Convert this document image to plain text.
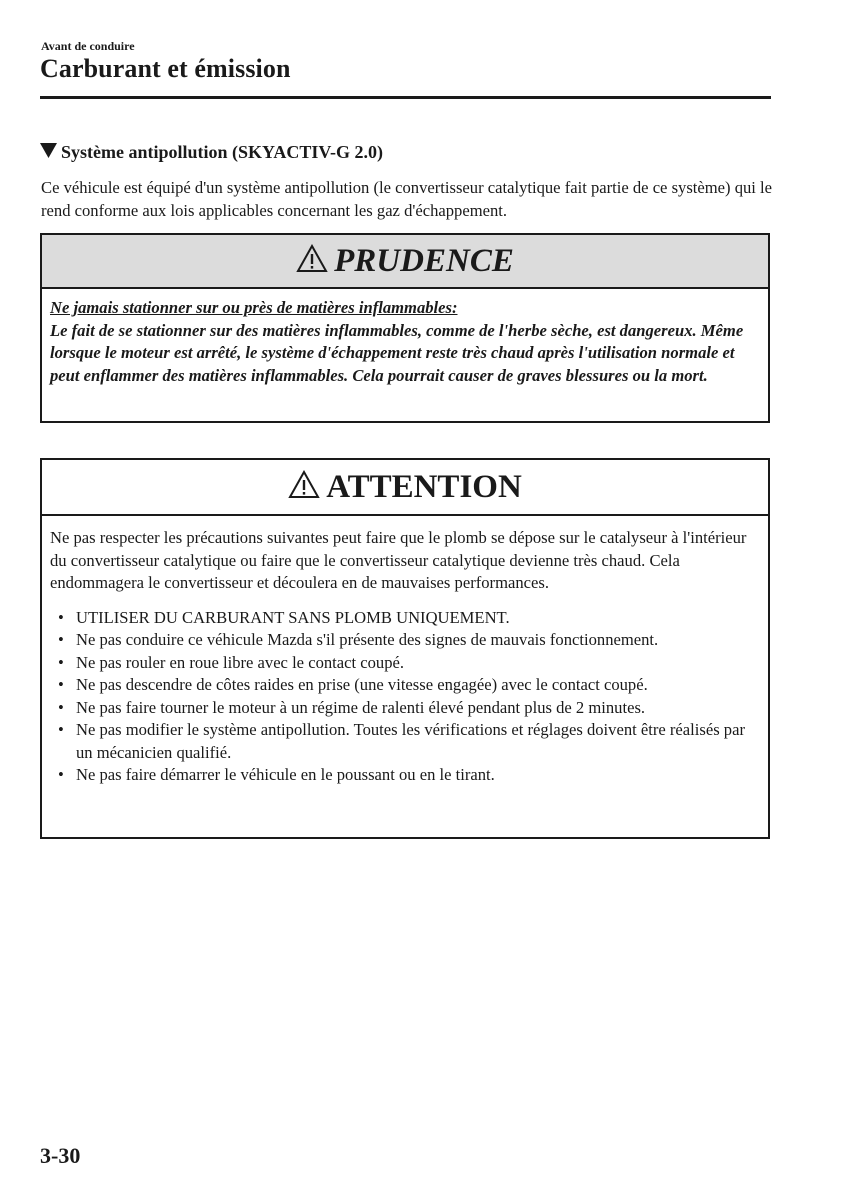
Avant de conduire
Carburant et émission
Système antipollution (SKYACTIV-G 2.0)
Ce véhicule est équipé d'un système antipollution (le convertisseur catalytique fait partie de ce système) qui le rend conforme aux lois applicables concernant les gaz d'échappement.
PRUDENCE
Ne jamais stationner sur ou près de matières inflammables:
Le fait de se stationner sur des matières inflammables, comme de l'herbe sèche, est dangereux. Même lorsque le moteur est arrêté, le système d'échappement reste très chaud après l'utilisation normale et peut enflammer des matières inflammables. Cela pourrait causer de graves blessures ou la mort.
ATTENTION
Ne pas respecter les précautions suivantes peut faire que le plomb se dépose sur le catalyseur à l'intérieur du convertisseur catalytique ou faire que le convertisseur catalytique devienne très chaud. Cela endommagera le convertisseur et découlera en de mauvaises performances.
• UTILISER DU CARBURANT SANS PLOMB UNIQUEMENT.
• Ne pas conduire ce véhicule Mazda s'il présente des signes de mauvais fonctionnement.
• Ne pas rouler en roue libre avec le contact coupé.
• Ne pas descendre de côtes raides en prise (une vitesse engagée) avec le contact coupé.
• Ne pas faire tourner le moteur à un régime de ralenti élevé pendant plus de 2 minutes.
• Ne pas modifier le système antipollution. Toutes les vérifications et réglages doivent être réalisés par un mécanicien qualifié.
• Ne pas faire démarrer le véhicule en le poussant ou en le tirant.
3-30
